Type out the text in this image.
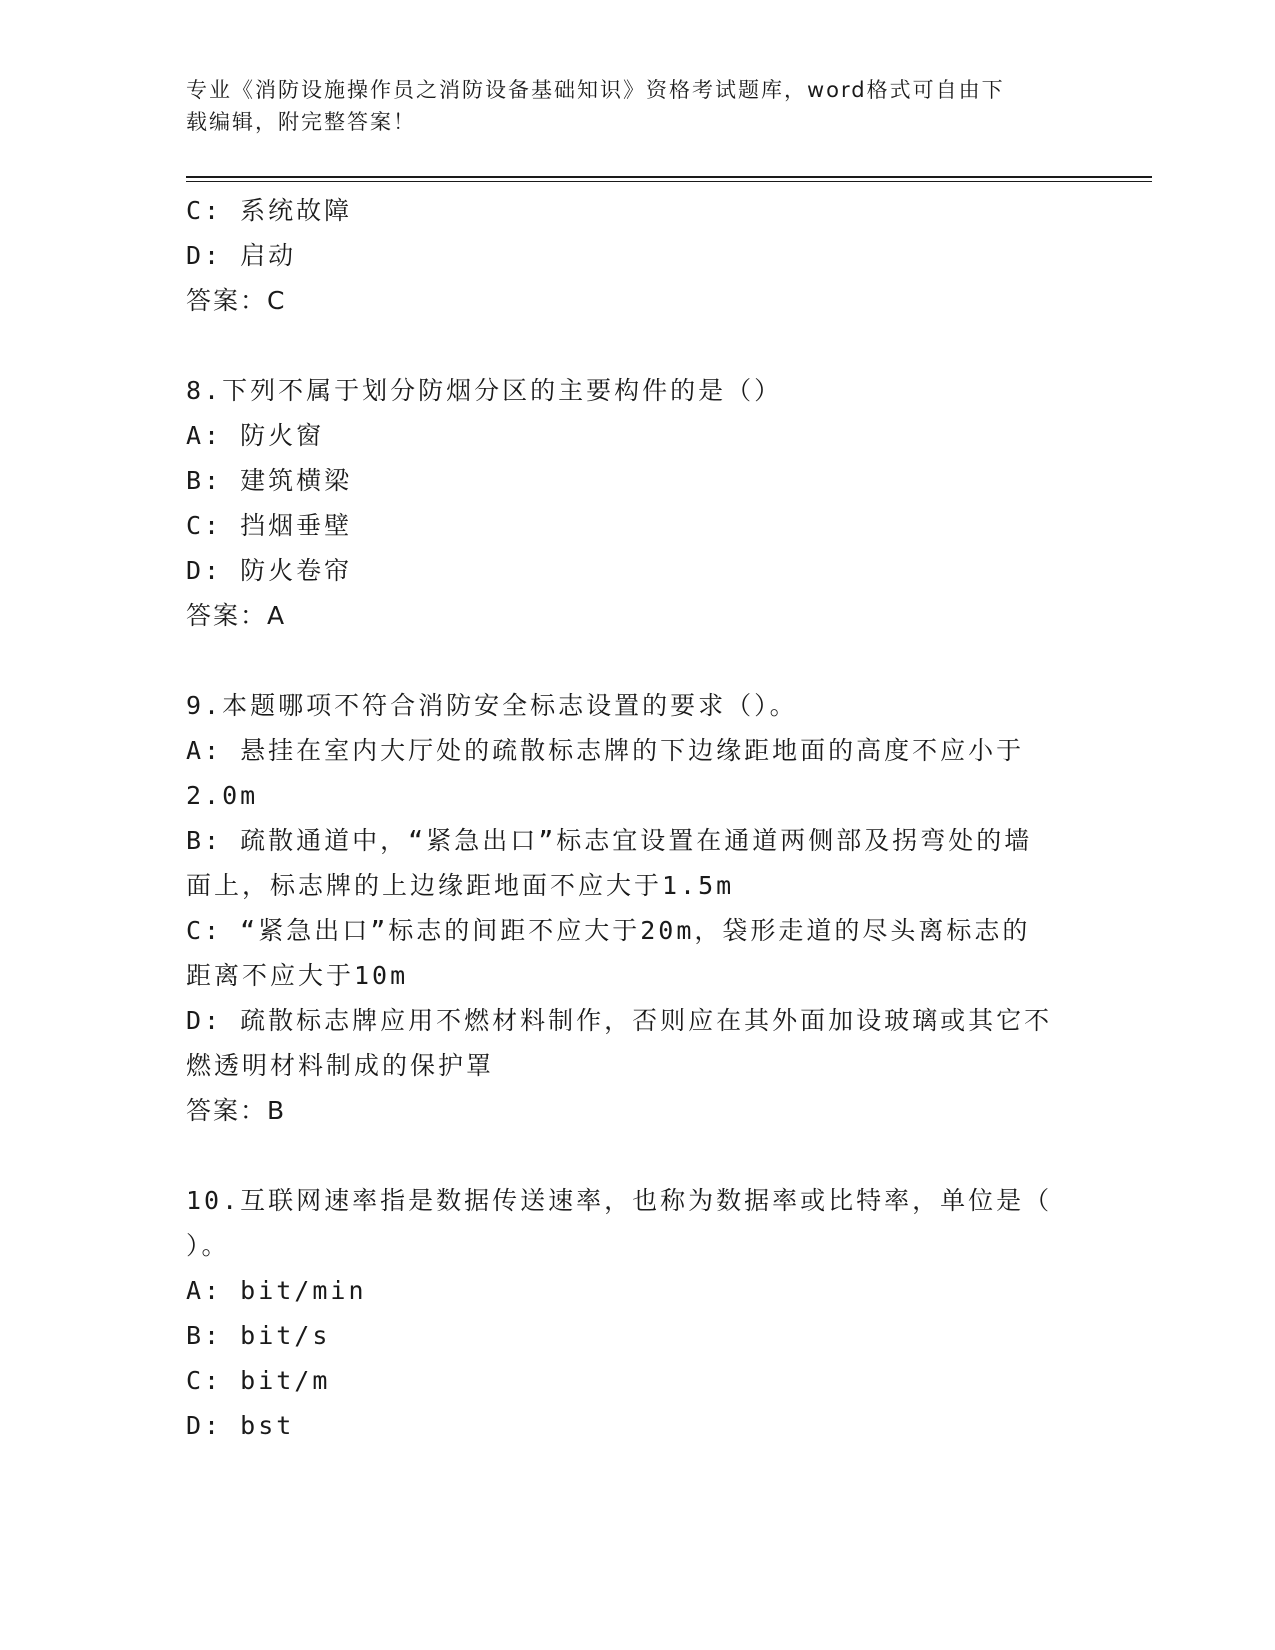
专业《消防设施操作员之消防设备基础知识》资格考试题库，word格式可自由下
载编辑，附完整答案！

C: 系统故障

D: 启动

答案：C

8.下列不属于划分防烟分区的主要构件的是（）

A: 防火窗

B: 建筑横梁

C: 挡烟垂壁

D: 防火卷帘

答案：A

9.本题哪项不符合消防安全标志设置的要求（）。

A: 悬挂在室内大厅处的疏散标志牌的下边缘距地面的高度不应小于

2.0m

B: 疏散通道中，“紧急出口”标志宜设置在通道两侧部及拐弯处的墙

面上，标志牌的上边缘距地面不应大于1.5m

C: “紧急出口”标志的间距不应大于20m，袋形走道的尽头离标志的

距离不应大于10m

D: 疏散标志牌应用不燃材料制作，否则应在其外面加设玻璃或其它不

燃透明材料制成的保护罩

答案：B

10.互联网速率指是数据传送速率，也称为数据率或比特率，单位是（

）。

A: bit/min

B: bit/s

C: bit/m

D: bst
